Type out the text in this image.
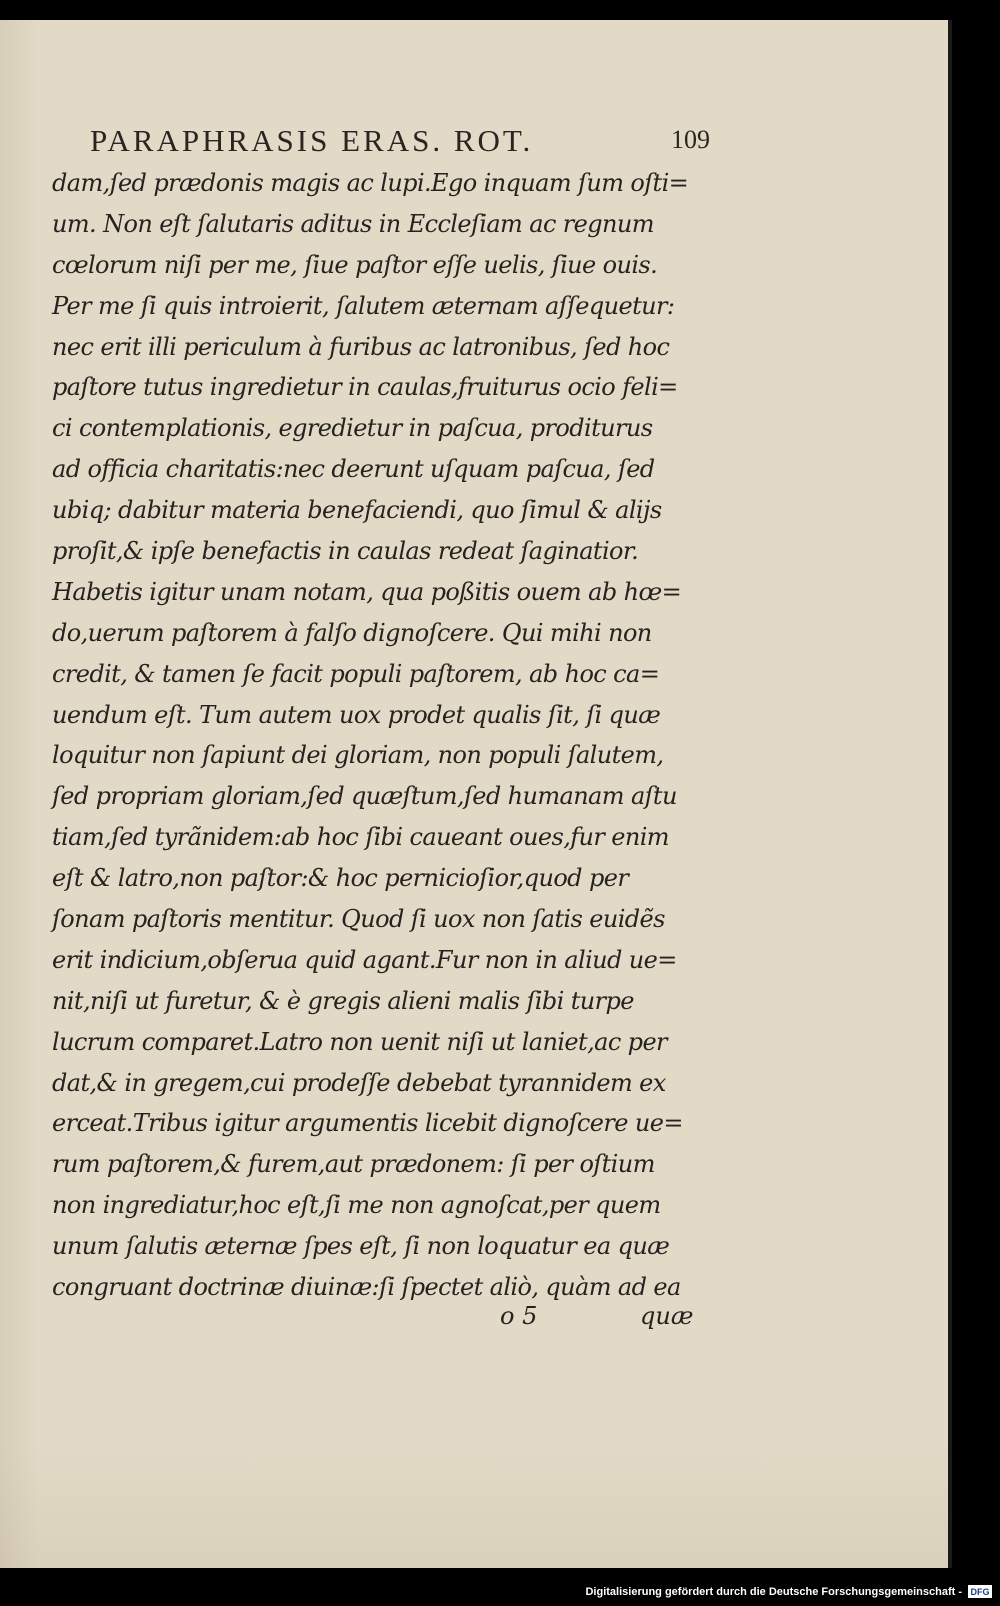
PARAPHRASIS ERAS. ROT.	109
dam,ſed prædonis magis ac lupi.Ego inquam ſum oſti=
um. Non eſt ſalutaris aditus in Eccleſiam ac regnum
cœlorum niſi per me, ſiue paſtor eſſe uelis, ſiue ouis.
Per me ſi quis introierit, ſalutem æternam aſſequetur:
nec erit illi periculum à furibus ac latronibus, ſed hoc
paſtore tutus ingredietur in caulas,fruiturus ocio feli=
ci contemplationis, egredietur in paſcua, proditurus
ad officia charitatis:nec deerunt uſquam paſcua, ſed
ubiq; dabitur materia benefaciendi, quo ſimul & alijs
proſit,& ipſe benefactis in caulas redeat ſaginatior.
Habetis igitur unam notam, qua poßitis ouem ab hœ=
do,uerum paſtorem à falſo dignoſcere. Qui mihi non
credit, & tamen ſe facit populi paſtorem, ab hoc ca=
uendum eſt. Tum autem uox prodet qualis ſit, ſi quæ
loquitur non ſapiunt dei gloriam, non populi ſalutem,
ſed propriam gloriam,ſed quæſtum,ſed humanam aſtu
tiam,ſed tyrãnidem:ab hoc ſibi caueant oues,fur enim
eſt & latro,non paſtor:& hoc pernicioſior,quod per
ſonam paſtoris mentitur. Quod ſi uox non ſatis euidẽs
erit indicium,obſerua quid agant.Fur non in aliud ue=
nit,niſi ut furetur, & è gregis alieni malis ſibi turpe
lucrum comparet.Latro non uenit niſi ut laniet,ac per
dat,& in gregem,cui prodeſſe debebat tyrannidem ex
erceat.Tribus igitur argumentis licebit dignoſcere ue=
rum paſtorem,& furem,aut prædonem: ſi per oſtium
non ingrediatur,hoc eſt,ſi me non agnoſcat,per quem
unum ſalutis æternæ ſpes eſt, ſi non loquatur ea quæ
congruant doctrinæ diuinæ:ſi ſpectet aliò, quàm ad ea
o 5	quæ
Digitalisierung gefördert durch die Deutsche Forschungsgemeinschaft - DFG
